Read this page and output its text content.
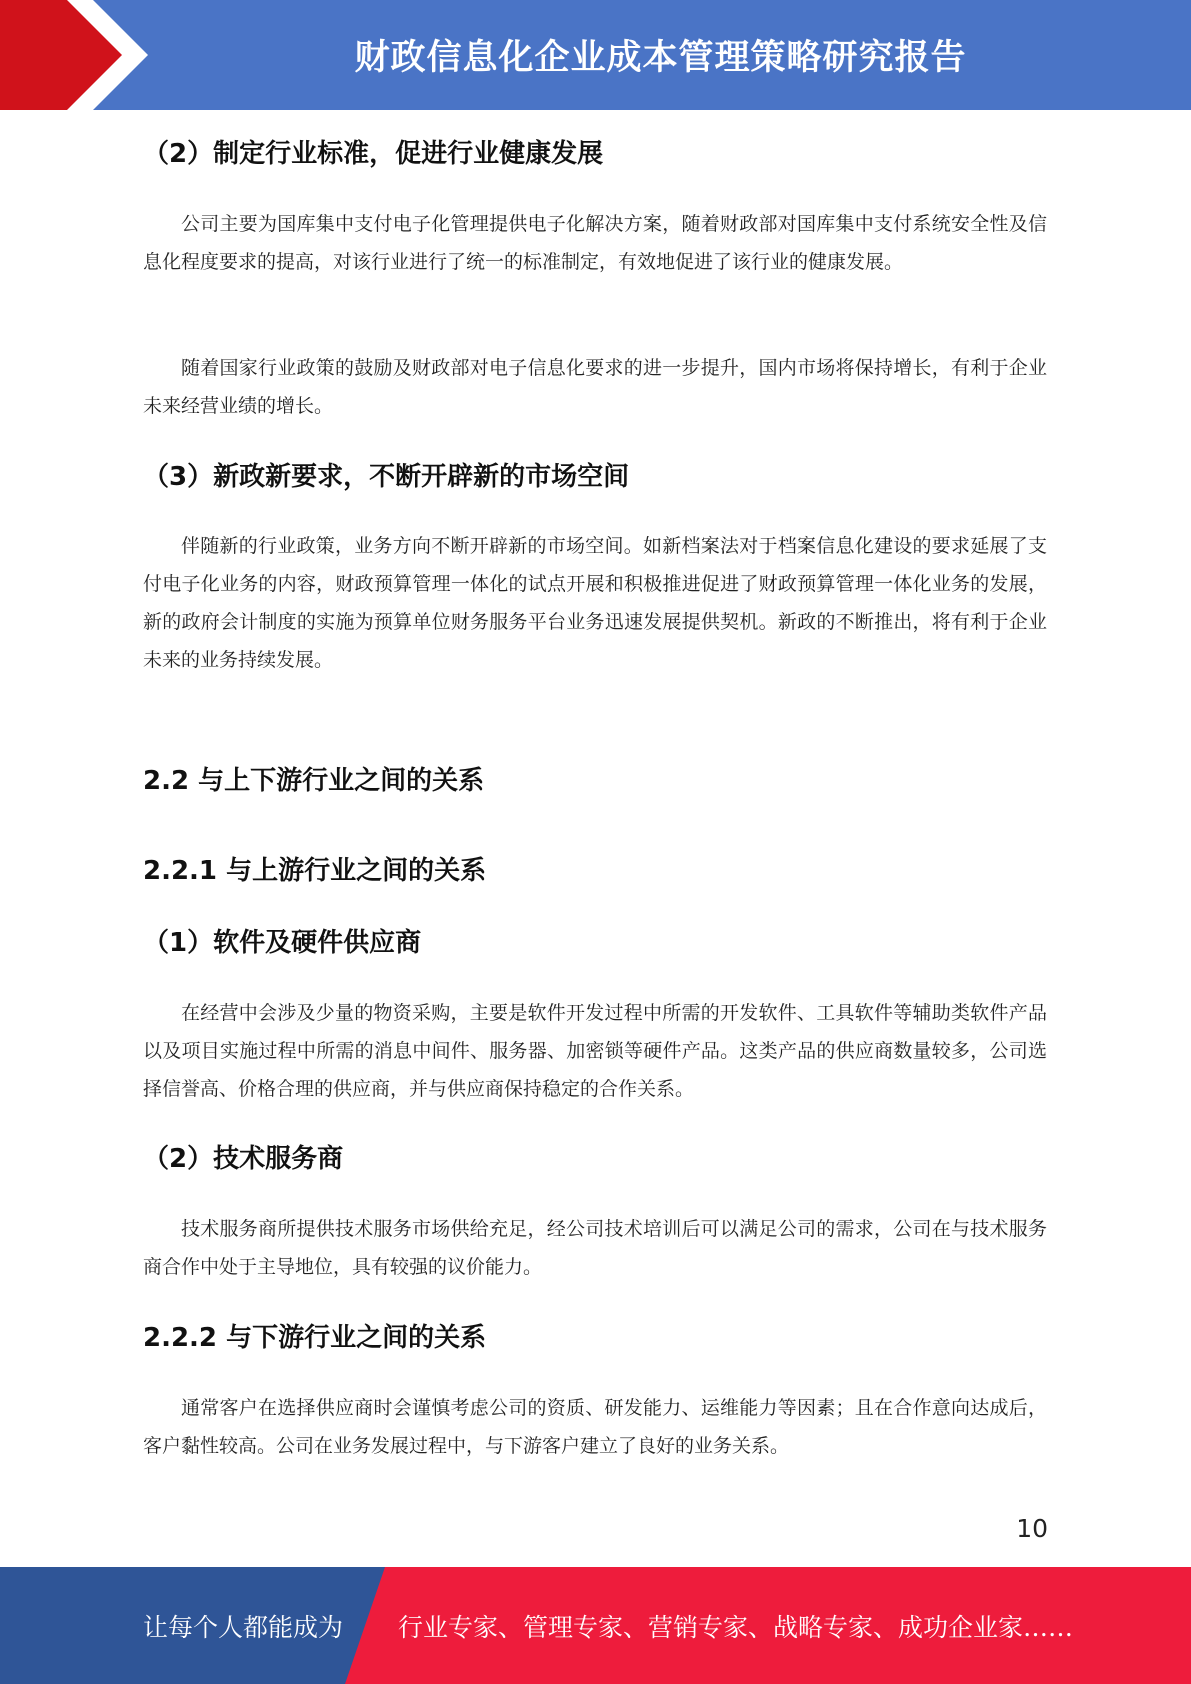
财政信息化企业成本管理策略研究报告
（2）制定行业标准，促进行业健康发展

公司主要为国库集中支付电子化管理提供电子化解决方案，随着财政部对国库集中支付系统安全性及信息化程度要求的提高，对该行业进行了统一的标准制定，有效地促进了该行业的健康发展。

随着国家行业政策的鼓励及财政部对电子信息化要求的进一步提升，国内市场将保持增长，有利于企业未来经营业绩的增长。

（3）新政新要求，不断开辟新的市场空间

伴随新的行业政策，业务方向不断开辟新的市场空间。如新档案法对于档案信息化建设的要求延展了支付电子化业务的内容，财政预算管理一体化的试点开展和积极推进促进了财政预算管理一体化业务的发展，新的政府会计制度的实施为预算单位财务服务平台业务迅速发展提供契机。新政的不断推出，将有利于企业未来的业务持续发展。

2.2 与上下游行业之间的关系
2.2.1 与上游行业之间的关系
（1）软件及硬件供应商

在经营中会涉及少量的物资采购，主要是软件开发过程中所需的开发软件、工具软件等辅助类软件产品以及项目实施过程中所需的消息中间件、服务器、加密锁等硬件产品。这类产品的供应商数量较多，公司选择信誉高、价格合理的供应商，并与供应商保持稳定的合作关系。

（2）技术服务商

技术服务商所提供技术服务市场供给充足，经公司技术培训后可以满足公司的需求，公司在与技术服务商合作中处于主导地位，具有较强的议价能力。

2.2.2 与下游行业之间的关系

通常客户在选择供应商时会谨慎考虑公司的资质、研发能力、运维能力等因素；且在合作意向达成后，客户黏性较高。公司在业务发展过程中，与下游客户建立了良好的业务关系。

10
让每个人都能成为 行业专家、管理专家、营销专家、战略专家、成功企业家……
